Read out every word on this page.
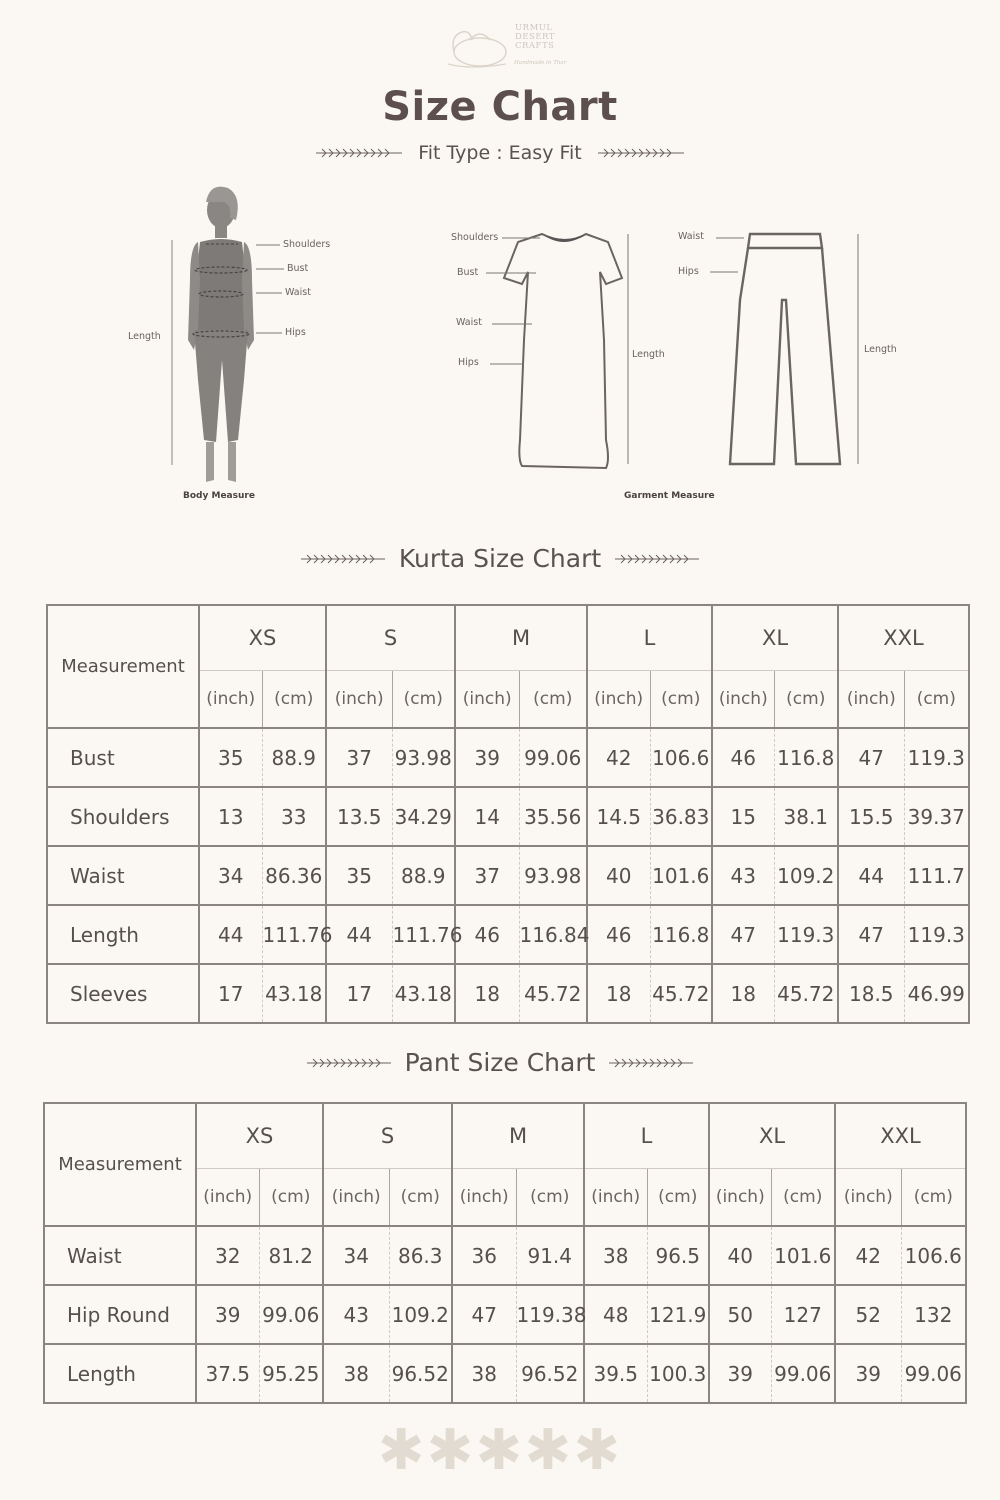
URMUL
DESERT
CRAFTS
Handmade in Thar
Size Chart
Fit Type : Easy Fit
Shoulders
Bust
Waist
Hips
Length
Body Measure
Shoulders
Bust
Waist
Hips
Length
Waist
Hips
Length
Garment Measure
Kurta Size Chart
Measurement	XS		S		M		L		XL		XXL	
	(inch)	(cm)	(inch)	(cm)	(inch)	(cm)	(inch)	(cm)	(inch)	(cm)	(inch)	(cm)
Bust	35	88.9	37	93.98	39	99.06	42	106.6	46	116.8	47	119.3
Shoulders	13	33	13.5	34.29	14	35.56	14.5	36.83	15	38.1	15.5	39.37
Waist	34	86.36	35	88.9	37	93.98	40	101.6	43	109.2	44	111.7
Length	44	111.76	44	111.76	46	116.84	46	116.8	47	119.3	47	119.3
Sleeves	17	43.18	17	43.18	18	45.72	18	45.72	18	45.72	18.5	46.99
Pant Size Chart
Measurement	XS		S		M		L		XL		XXL	
	(inch)	(cm)	(inch)	(cm)	(inch)	(cm)	(inch)	(cm)	(inch)	(cm)	(inch)	(cm)
Waist	32	81.2	34	86.3	36	91.4	38	96.5	40	101.6	42	106.6
Hip Round	39	99.06	43	109.2	47	119.38	48	121.9	50	127	52	132
Length	37.5	95.25	38	96.52	38	96.52	39.5	100.3	39	99.06	39	99.06
✱✱✱✱✱
